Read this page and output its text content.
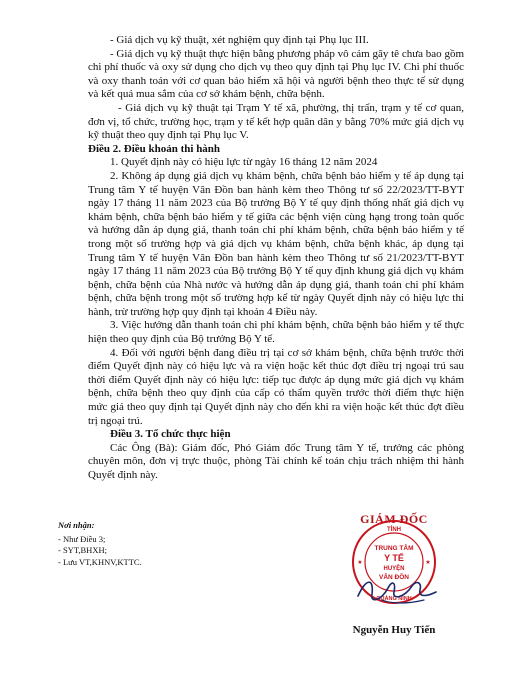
- Giá dịch vụ kỹ thuật, xét nghiệm quy định tại Phụ lục III.

- Giá dịch vụ kỹ thuật thực hiện bằng phương pháp vô cảm gây tê chưa bao gồm chi phí thuốc và oxy sử dụng cho dịch vụ theo quy định tại Phụ lục IV. Chi phí thuốc và oxy thanh toán với cơ quan bảo hiểm xã hội và người bệnh theo thực tế sử dụng và kết quả mua sắm của cơ sở khám bệnh, chữa bệnh.

- Giá dịch vụ kỹ thuật tại Trạm Y tế xã, phường, thị trấn, trạm y tế cơ quan, đơn vị, tổ chức, trường học, trạm y tế kết hợp quân dân y bằng 70% mức giá dịch vụ kỹ thuật theo quy định tại Phụ lục V.

Điều 2. Điều khoản thi hành

1. Quyết định này có hiệu lực từ ngày 16 tháng 12 năm 2024

2. Không áp dụng giá dịch vụ khám bệnh, chữa bệnh bảo hiểm y tế áp dụng tại Trung tâm Y tế huyện Vân Đồn ban hành kèm theo Thông tư số 22/2023/TT-BYT ngày 17 tháng 11 năm 2023 của Bộ trưởng Bộ Y tế quy định thống nhất giá dịch vụ khám bệnh, chữa bệnh bảo hiểm y tế giữa các bệnh viện cùng hạng trong toàn quốc và hướng dẫn áp dụng giá, thanh toán chi phí khám bệnh, chữa bệnh bảo hiểm y tế trong một số trường hợp và giá dịch vụ khám bệnh, chữa bệnh khác, áp dụng tại Trung tâm Y tế huyện Vân Đồn ban hành kèm theo Thông tư số 21/2023/TT-BYT ngày 17 tháng 11 năm 2023 của Bộ trưởng Bộ Y tế quy định khung giá dịch vụ khám bệnh, chữa bệnh của Nhà nước và hướng dẫn áp dụng giá, thanh toán chi phí khám bệnh, chữa bệnh trong một số trường hợp kể từ ngày Quyết định này có hiệu lực thi hành, trừ trường hợp quy định tại khoản 4 Điều này.

3. Việc hướng dẫn thanh toán chi phí khám bệnh, chữa bệnh bảo hiểm y tế thực hiện theo quy định của Bộ trưởng Bộ Y tế.

4. Đối với người bệnh đang điều trị tại cơ sở khám bệnh, chữa bệnh trước thời điểm Quyết định này có hiệu lực và ra viện hoặc kết thúc đợt điều trị ngoại trú sau thời điểm Quyết định này có hiệu lực: tiếp tục được áp dụng mức giá dịch vụ khám bệnh, chữa bệnh theo quy định của cấp có thẩm quyền trước thời điểm thực hiện mức giá theo quy định tại Quyết định này cho đến khi ra viện hoặc kết thúc đợt điều trị ngoại trú.

Điều 3. Tổ chức thực hiện

Các Ông (Bà): Giám đốc, Phó Giám đốc Trung tâm Y tế, trưởng các phòng chuyên môn, đơn vị trực thuộc, phòng Tài chính kế toán chịu trách nhiệm thi hành Quyết định này.

Nơi nhận:
- Như Điều 3;
- SYT,BHXH;
- Lưu VT,KHNV,KTTC.
GIÁM ĐỐC
TỈNH
QUẢNG NINH
TRUNG TÂM
Y TẾ
HUYỆN
VÂN ĐỒN
★	★
Nguyễn Huy Tiến
